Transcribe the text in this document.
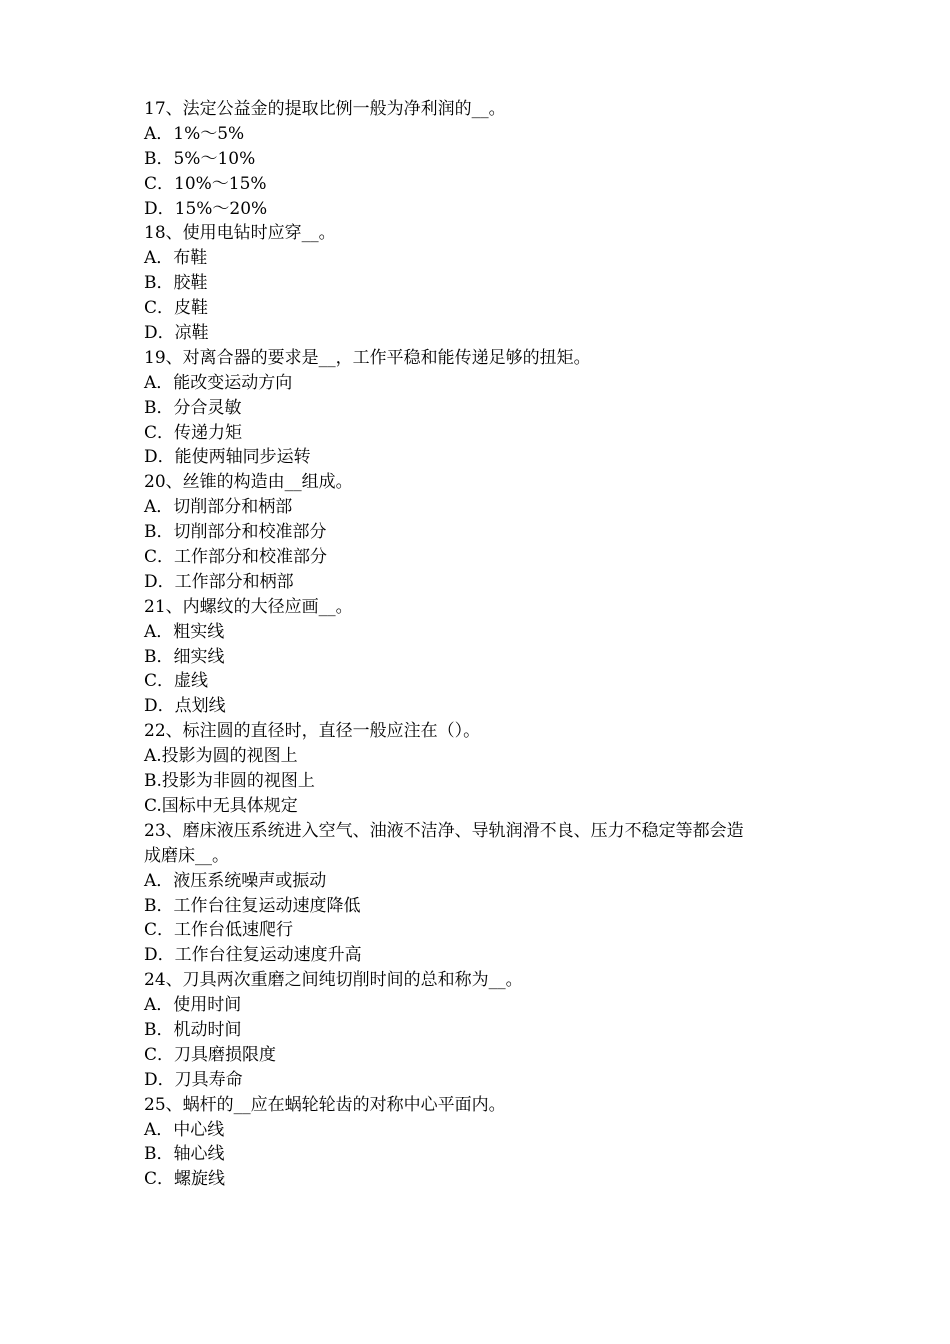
17、法定公益金的提取比例一般为净利润的__。
A．1%～5%
B．5%～10%
C．10%～15%
D．15%～20%
18、使用电钻时应穿__。
A．布鞋
B．胶鞋
C．皮鞋
D．凉鞋
19、对离合器的要求是__，工作平稳和能传递足够的扭矩。
A．能改变运动方向
B．分合灵敏
C．传递力矩
D．能使两轴同步运转
20、丝锥的构造由__组成。
A．切削部分和柄部
B．切削部分和校准部分
C．工作部分和校准部分
D．工作部分和柄部
21、内螺纹的大径应画__。
A．粗实线
B．细实线
C．虚线
D．点划线
22、标注圆的直径时，直径一般应注在（）。
A.投影为圆的视图上
B.投影为非圆的视图上
C.国标中无具体规定
23、磨床液压系统进入空气、油液不洁净、导轨润滑不良、压力不稳定等都会造
成磨床__。
A．液压系统噪声或振动
B．工作台往复运动速度降低
C．工作台低速爬行
D．工作台往复运动速度升高
24、刀具两次重磨之间纯切削时间的总和称为__。
A．使用时间
B．机动时间
C．刀具磨损限度
D．刀具寿命
25、蜗杆的__应在蜗轮轮齿的对称中心平面内。
A．中心线
B．轴心线
C．螺旋线
